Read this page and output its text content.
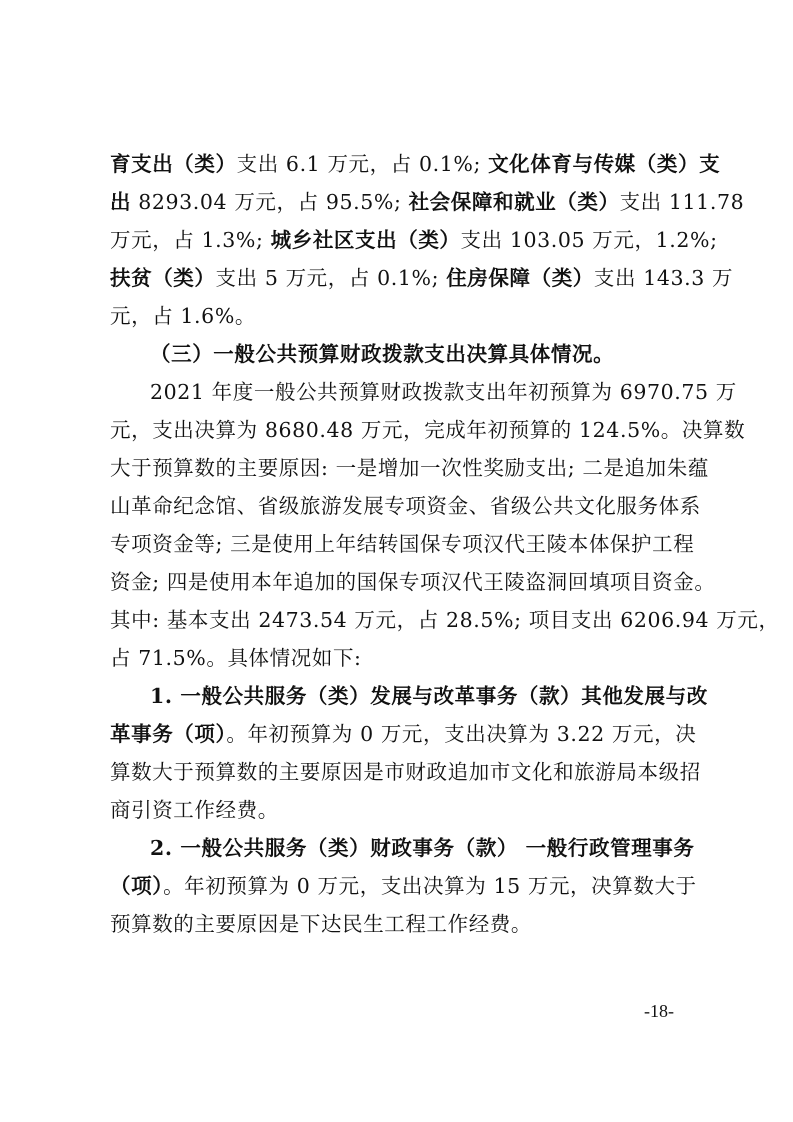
育支出（类）支出 6.1 万元，占 0.1%; 文化体育与传媒（类）支
出 8293.04 万元，占 95.5%; 社会保障和就业（类）支出 111.78
万元，占 1.3%; 城乡社区支出（类）支出 103.05 万元，1.2%;
扶贫（类）支出 5 万元，占 0.1%; 住房保障（类）支出 143.3 万
元，占 1.6%。
（三）一般公共预算财政拨款支出决算具体情况。
2021 年度一般公共预算财政拨款支出年初预算为 6970.75 万
元，支出决算为 8680.48 万元，完成年初预算的 124.5%。决算数
大于预算数的主要原因: 一是增加一次性奖励支出; 二是追加朱蕴
山革命纪念馆、省级旅游发展专项资金、省级公共文化服务体系
专项资金等; 三是使用上年结转国保专项汉代王陵本体保护工程
资金; 四是使用本年追加的国保专项汉代王陵盗洞回填项目资金。
其中: 基本支出 2473.54 万元，占 28.5%; 项目支出 6206.94 万元，
占 71.5%。具体情况如下:
1. 一般公共服务（类）发展与改革事务（款）其他发展与改
革事务（项）。年初预算为 0 万元，支出决算为 3.22 万元，决
算数大于预算数的主要原因是市财政追加市文化和旅游局本级招
商引资工作经费。
2. 一般公共服务（类）财政事务（款） 一般行政管理事务
（项）。年初预算为 0 万元，支出决算为 15 万元，决算数大于
预算数的主要原因是下达民生工程工作经费。
-18-
